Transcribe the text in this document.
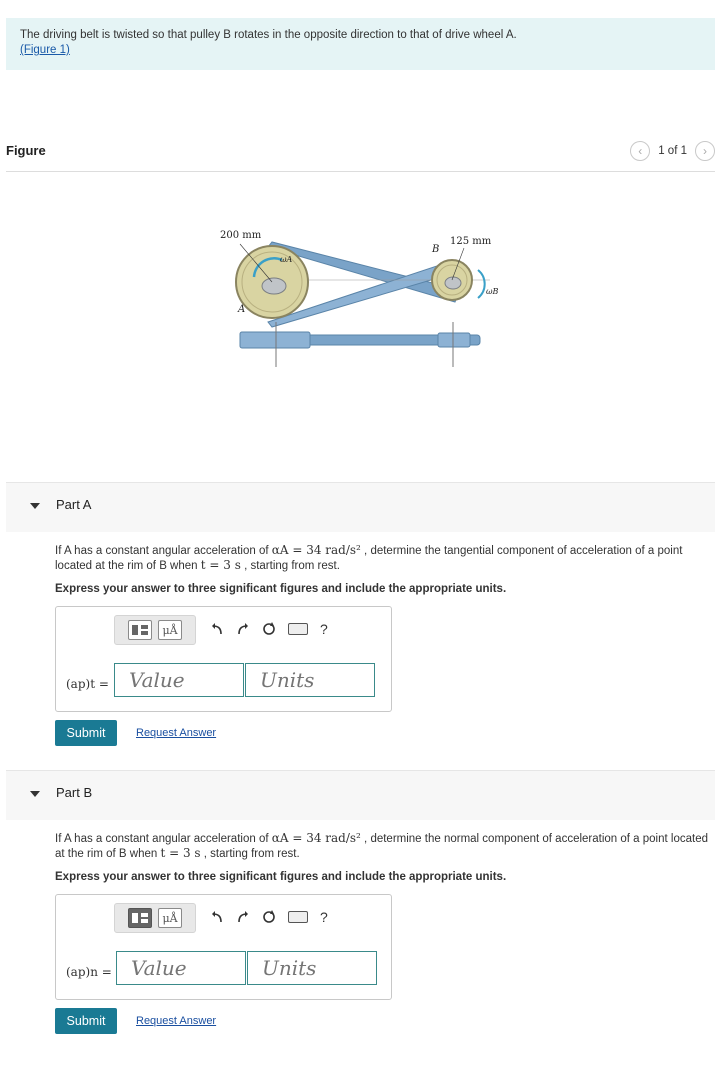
The driving belt is twisted so that pulley B rotates in the opposite direction to that of drive wheel A.

(Figure 1)
Figure	‹ 1 of 1 ›
200 mm
125 mm
A
B
ωA
ωB
Part A
If A has a constant angular acceleration of αA = 34 rad/s² , determine the tangential component of acceleration of a point located at the rim of B when t = 3 s , starting from rest.
Express your answer to three significant figures and include the appropriate units.
μÅ	?
(ap)t =
Value
Units
Submit	Request Answer
Part B
If A has a constant angular acceleration of αA = 34 rad/s² , determine the normal component of acceleration of a point located at the rim of B when t = 3 s , starting from rest.
Express your answer to three significant figures and include the appropriate units.
μÅ	?
(ap)n =
Value
Units
Submit	Request Answer
